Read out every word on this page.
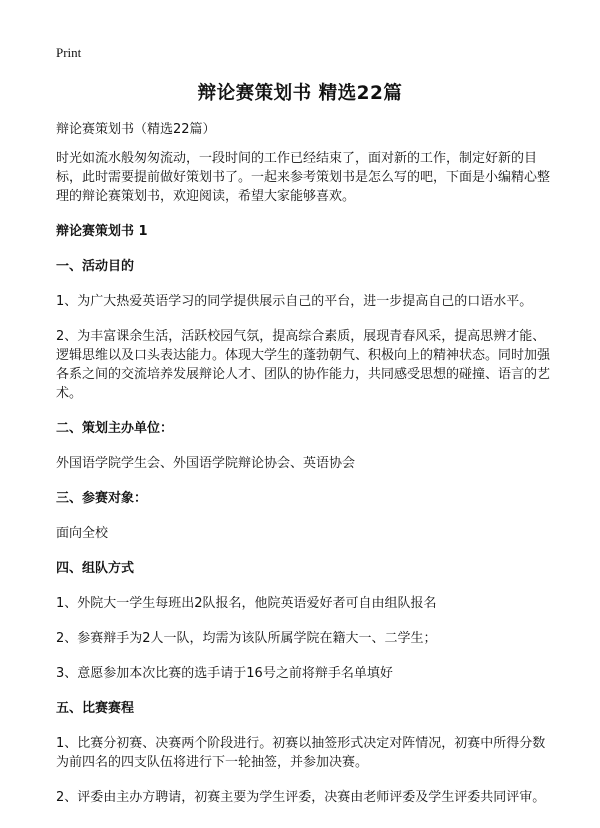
Print
辩论赛策划书 精选22篇

辩论赛策划书（精选22篇）

时光如流水般匆匆流动，一段时间的工作已经结束了，面对新的工作，制定好新的目标，此时需要提前做好策划书了。一起来参考策划书是怎么写的吧，下面是小编精心整理的辩论赛策划书，欢迎阅读，希望大家能够喜欢。

辩论赛策划书 1
一、活动目的

1、为广大热爱英语学习的同学提供展示自己的平台，进一步提高自己的口语水平。

2、为丰富课余生活，活跃校园气氛，提高综合素质，展现青春风采，提高思辨才能、逻辑思维以及口头表达能力。体现大学生的蓬勃朝气、积极向上的精神状态。同时加强各系之间的交流培养发展辩论人才、团队的协作能力，共同感受思想的碰撞、语言的艺术。

二、策划主办单位：

外国语学院学生会、外国语学院辩论协会、英语协会

三、参赛对象：

面向全校

四、组队方式

1、外院大一学生每班出2队报名，他院英语爱好者可自由组队报名

2、参赛辩手为2人一队，均需为该队所属学院在籍大一、二学生；

3、意愿参加本次比赛的选手请于16号之前将辩手名单填好

五、比赛赛程

1、比赛分初赛、决赛两个阶段进行。初赛以抽签形式决定对阵情况，初赛中所得分数为前四名的四支队伍将进行下一轮抽签，并参加决赛。

2、评委由主办方聘请，初赛主要为学生评委，决赛由老师评委及学生评委共同评审。
